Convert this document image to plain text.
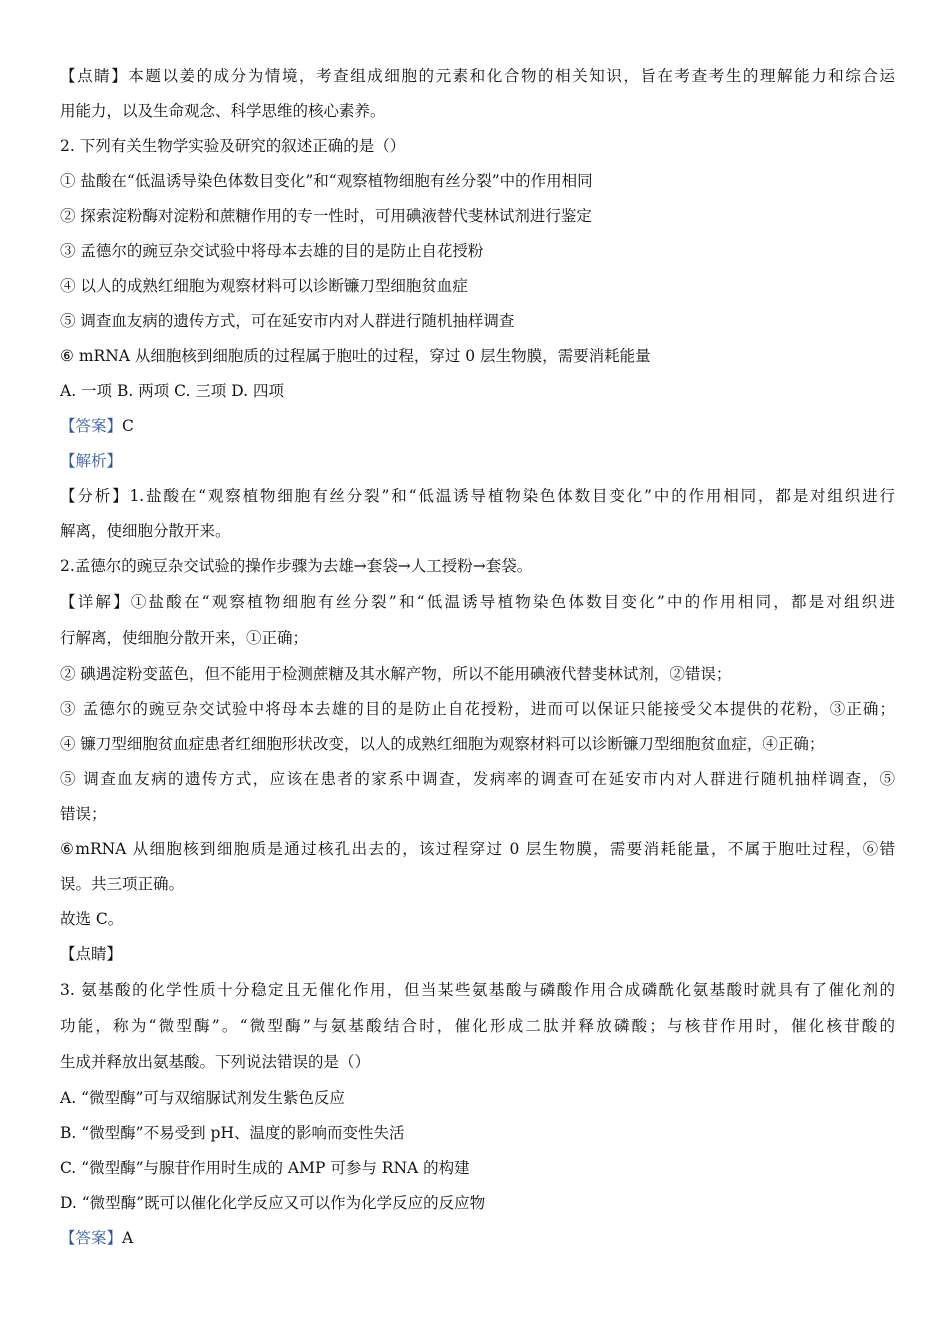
【点睛】本题以姜的成分为情境，考查组成细胞的元素和化合物的相关知识，旨在考查考生的理解能力和综合运
用能力，以及生命观念、科学思维的核心素养。
2. 下列有关生物学实验及研究的叙述正确的是（）
① 盐酸在“低温诱导染色体数目变化”和“观察植物细胞有丝分裂”中的作用相同
② 探索淀粉酶对淀粉和蔗糖作用的专一性时，可用碘液替代斐林试剂进行鉴定
③ 孟德尔的豌豆杂交试验中将母本去雄的目的是防止自花授粉
④ 以人的成熟红细胞为观察材料可以诊断镰刀型细胞贫血症
⑤ 调查血友病的遗传方式，可在延安市内对人群进行随机抽样调查
⑥ mRNA 从细胞核到细胞质的过程属于胞吐的过程，穿过 0 层生物膜，需要消耗能量
A. 一项 B. 两项 C. 三项 D. 四项
【答案】C
【解析】
【分析】1.盐酸在“观察植物细胞有丝分裂”和“低温诱导植物染色体数目变化”中的作用相同，都是对组织进行
解离，使细胞分散开来。
2.孟德尔的豌豆杂交试验的操作步骤为去雄→套袋→人工授粉→套袋。
【详解】①盐酸在“观察植物细胞有丝分裂”和“低温诱导植物染色体数目变化”中的作用相同，都是对组织进
行解离，使细胞分散开来，①正确；
② 碘遇淀粉变蓝色，但不能用于检测蔗糖及其水解产物，所以不能用碘液代替斐林试剂，②错误；
③ 孟德尔的豌豆杂交试验中将母本去雄的目的是防止自花授粉，进而可以保证只能接受父本提供的花粉，③正确；
④ 镰刀型细胞贫血症患者红细胞形状改变，以人的成熟红细胞为观察材料可以诊断镰刀型细胞贫血症，④正确；
⑤ 调查血友病的遗传方式，应该在患者的家系中调查，发病率的调查可在延安市内对人群进行随机抽样调查，⑤
错误；
⑥mRNA 从细胞核到细胞质是通过核孔出去的，该过程穿过 0 层生物膜，需要消耗能量，不属于胞吐过程，⑥错
误。共三项正确。
故选 C。
【点睛】
3. 氨基酸的化学性质十分稳定且无催化作用，但当某些氨基酸与磷酸作用合成磷酰化氨基酸时就具有了催化剂的
功能，称为“微型酶”。“微型酶”与氨基酸结合时，催化形成二肽并释放磷酸；与核苷作用时，催化核苷酸的
生成并释放出氨基酸。下列说法错误的是（）
A. “微型酶”可与双缩脲试剂发生紫色反应
B. “微型酶”不易受到 pH、温度的影响而变性失活
C. “微型酶”与腺苷作用时生成的 AMP 可参与 RNA 的构建
D. “微型酶”既可以催化化学反应又可以作为化学反应的反应物
【答案】A
